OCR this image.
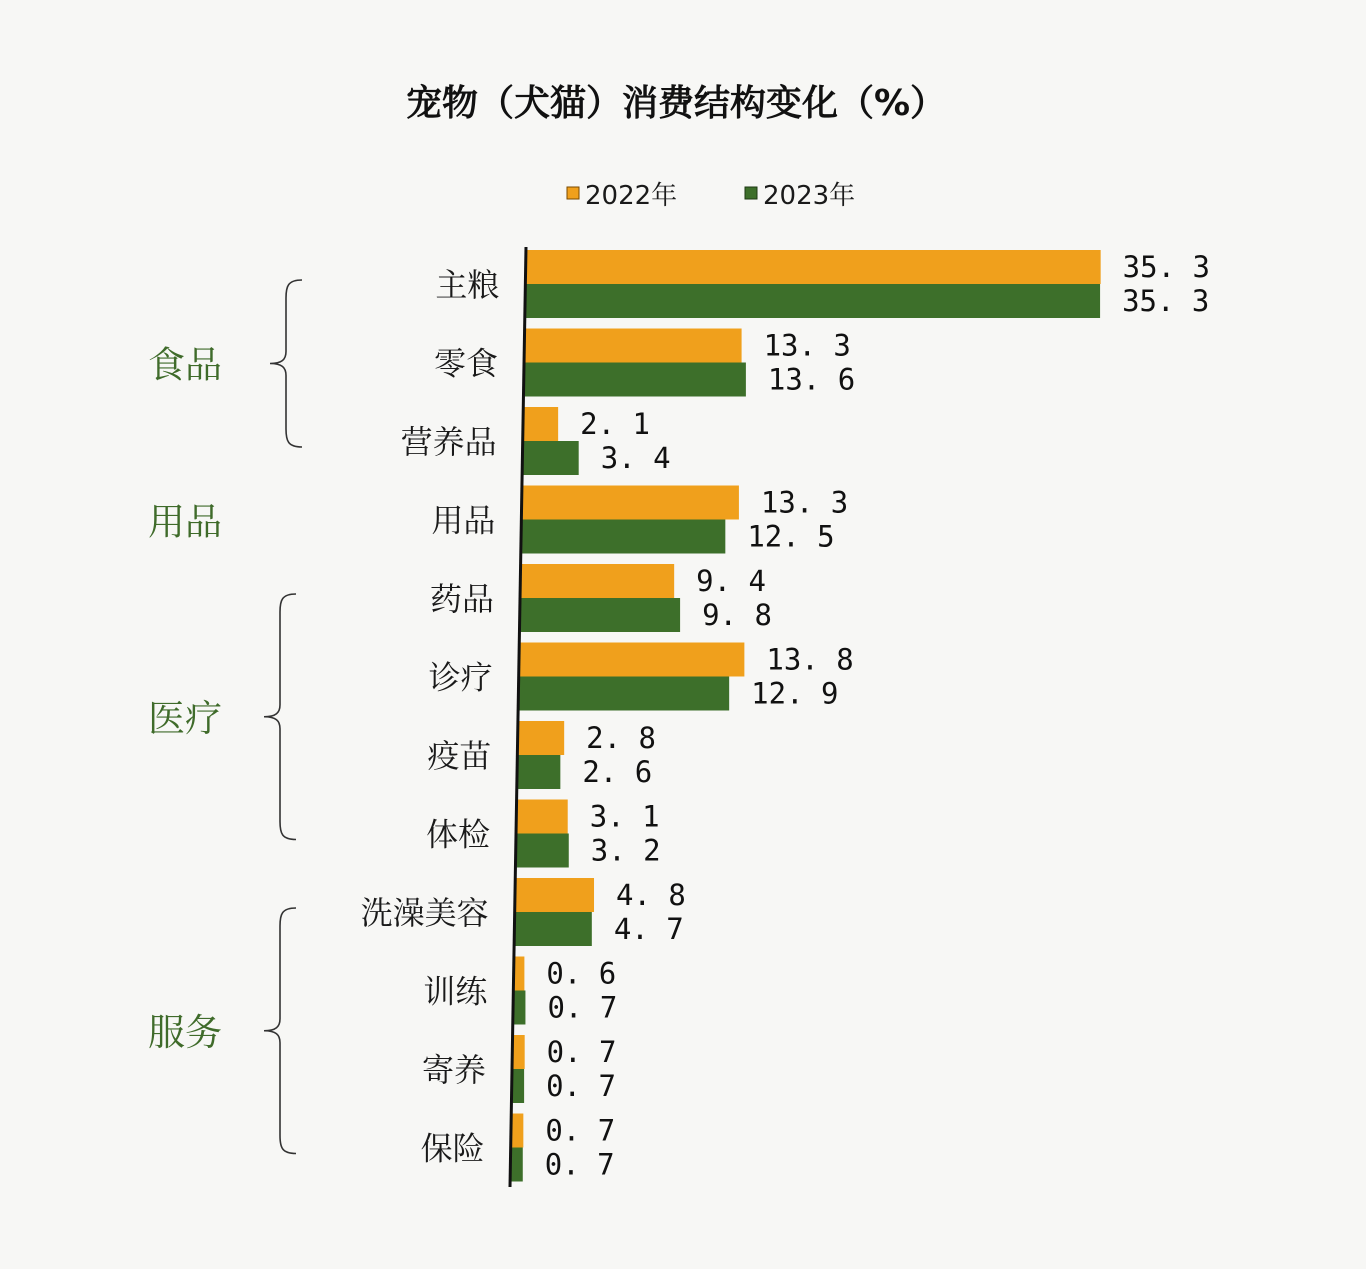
宠物（犬猫）消费结构变化（%）
2022年	2023年
食品
用品
医疗
服务
主粮
零食
营养品
用品
药品
诊疗
疫苗
体检
洗澡美容
训练
寄养
保险
35. 3
35. 3
13. 3
13. 6
2. 1
3. 4
13. 3
12. 5
9. 4
9. 8
13. 8
12. 9
2. 8
2. 6
3. 1
3. 2
4. 8
4. 7
0. 6
0. 7
0. 7
0. 7
0. 7
0. 7
